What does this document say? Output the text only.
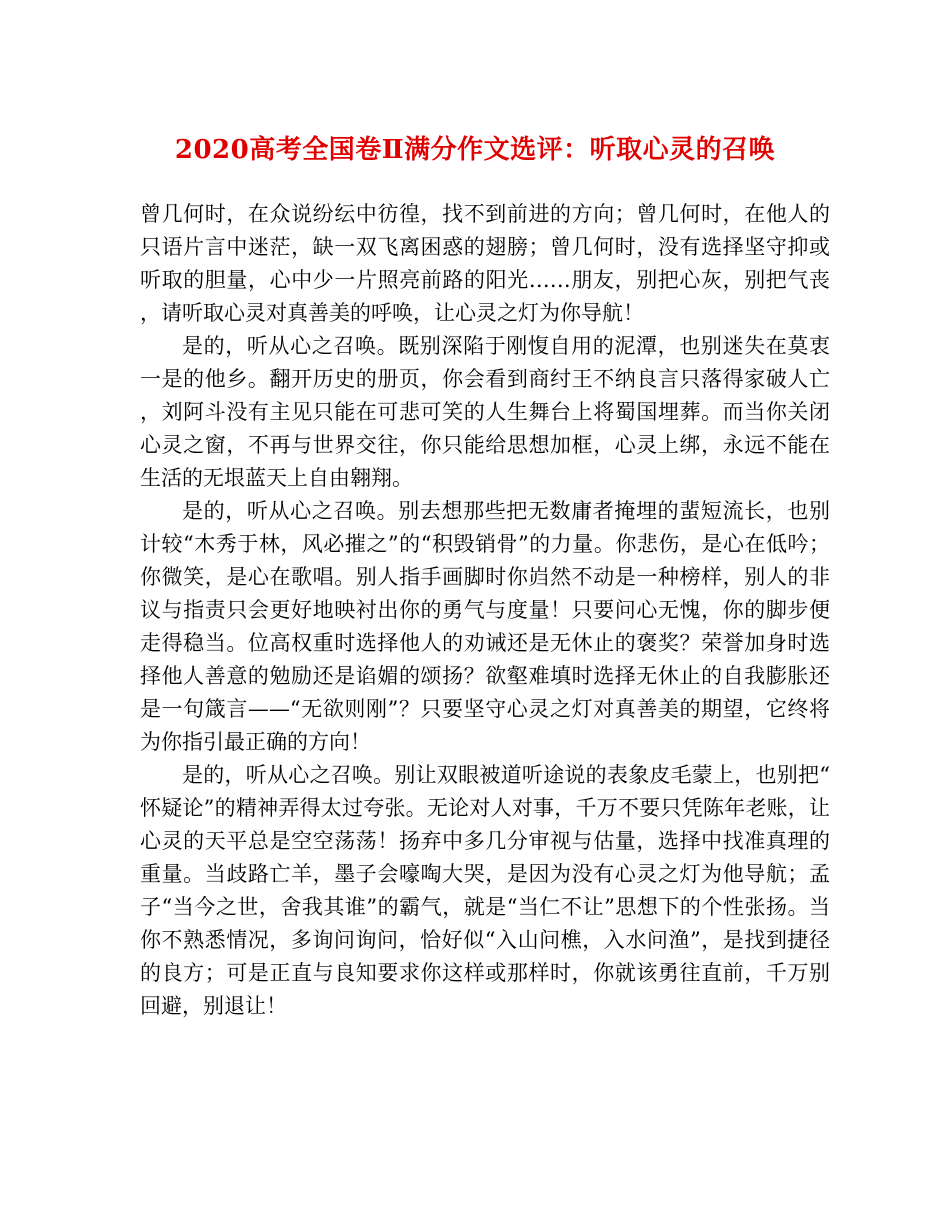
2020高考全国卷Ⅱ满分作文选评：听取心灵的召唤

曾几何时，在众说纷纭中彷徨，找不到前进的方向；曾几何时，在他人的只语片言中迷茫，缺一双飞离困惑的翅膀；曾几何时，没有选择坚守抑或听取的胆量，心中少一片照亮前路的阳光……朋友，别把心灰，别把气丧，请听取心灵对真善美的呼唤，让心灵之灯为你导航！

是的，听从心之召唤。既别深陷于刚愎自用的泥潭，也别迷失在莫衷一是的他乡。翻开历史的册页，你会看到商纣王不纳良言只落得家破人亡，刘阿斗没有主见只能在可悲可笑的人生舞台上将蜀国埋葬。而当你关闭心灵之窗，不再与世界交往，你只能给思想加框，心灵上绑，永远不能在生活的无垠蓝天上自由翱翔。

是的，听从心之召唤。别去想那些把无数庸者掩埋的蜚短流长，也别计较“木秀于林，风必摧之”的“积毁销骨”的力量。你悲伤，是心在低吟；你微笑，是心在歌唱。别人指手画脚时你岿然不动是一种榜样，别人的非议与指责只会更好地映衬出你的勇气与度量！只要问心无愧，你的脚步便走得稳当。位高权重时选择他人的劝诫还是无休止的褒奖？荣誉加身时选择他人善意的勉励还是谄媚的颂扬？欲壑难填时选择无休止的自我膨胀还是一句箴言——“无欲则刚”？只要坚守心灵之灯对真善美的期望，它终将为你指引最正确的方向！

是的，听从心之召唤。别让双眼被道听途说的表象皮毛蒙上，也别把“怀疑论”的精神弄得太过夸张。无论对人对事，千万不要只凭陈年老账，让心灵的天平总是空空荡荡！扬弃中多几分审视与估量，选择中找准真理的重量。当歧路亡羊，墨子会嚎啕大哭，是因为没有心灵之灯为他导航；孟子“当今之世，舍我其谁”的霸气，就是“当仁不让”思想下的个性张扬。当你不熟悉情况，多询问询问，恰好似“入山问樵，入水问渔”，是找到捷径的良方；可是正直与良知要求你这样或那样时，你就该勇往直前，千万别回避，别退让！
